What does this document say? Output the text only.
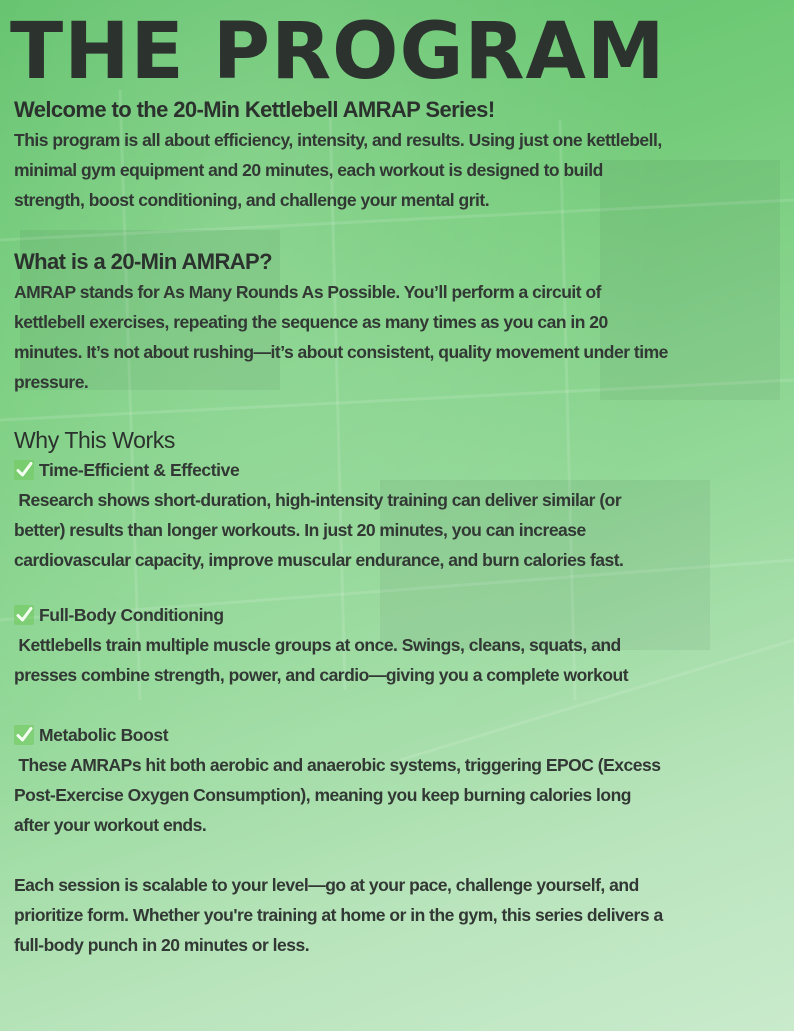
THE PROGRAM
Welcome to the 20-Min Kettlebell AMRAP Series!

This program is all about efficiency, intensity, and results. Using just one kettlebell,

minimal gym equipment and 20 minutes, each workout is designed to build

strength, boost conditioning, and challenge your mental grit.

What is a 20-Min AMRAP?

AMRAP stands for As Many Rounds As Possible. You’ll perform a circuit of

kettlebell exercises, repeating the sequence as many times as you can in 20

minutes. It’s not about rushing—it’s about consistent, quality movement under time

pressure.

Why This Works
Time-Efficient & Effective

Research shows short-duration, high-intensity training can deliver similar (or

better) results than longer workouts. In just 20 minutes, you can increase

cardiovascular capacity, improve muscular endurance, and burn calories fast.

Full-Body Conditioning

Kettlebells train multiple muscle groups at once. Swings, cleans, squats, and

presses combine strength, power, and cardio—giving you a complete workout

Metabolic Boost

These AMRAPs hit both aerobic and anaerobic systems, triggering EPOC (Excess

Post-Exercise Oxygen Consumption), meaning you keep burning calories long

after your workout ends.

Each session is scalable to your level—go at your pace, challenge yourself, and

prioritize form. Whether you're training at home or in the gym, this series delivers a

full-body punch in 20 minutes or less.
